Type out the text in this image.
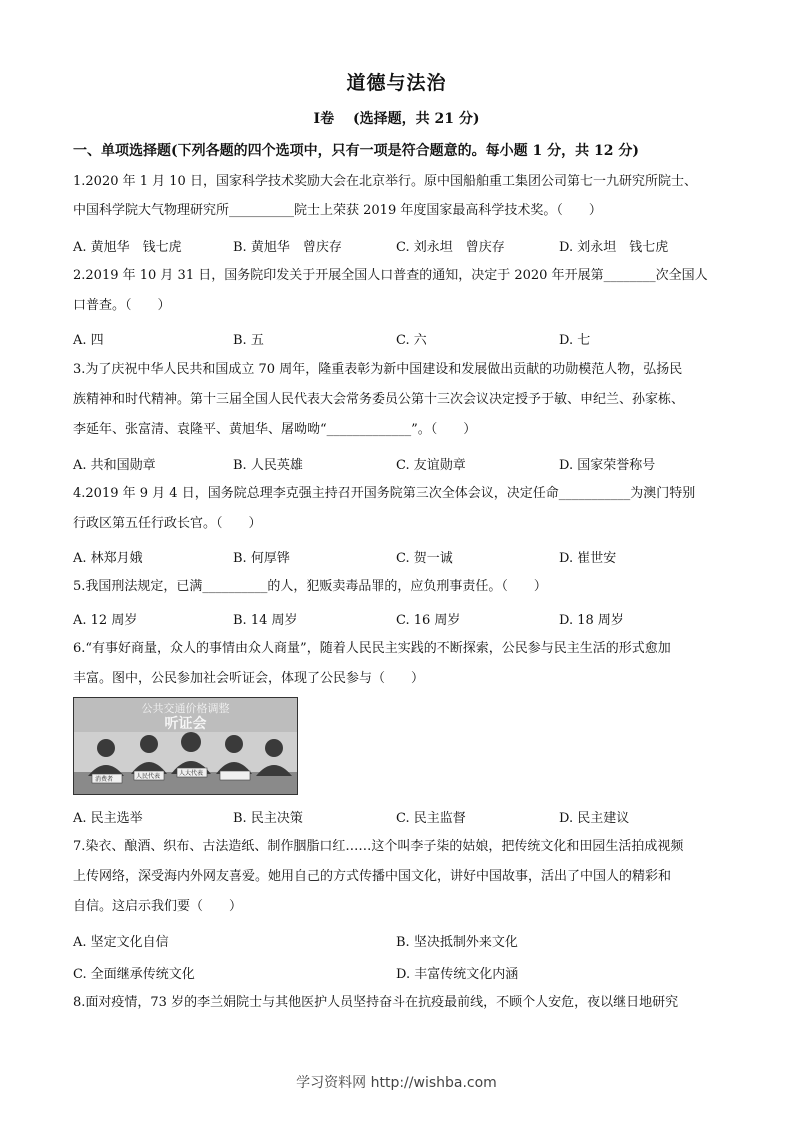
道德与法治
Ⅰ卷　 (选择题，共 21 分)
一、单项选择题(下列各题的四个选项中，只有一项是符合题意的。每小题 1 分，共 12 分)
1.2020 年 1 月 10 日，国家科学技术奖励大会在北京举行。原中国船舶重工集团公司第七一九研究所院士、
中国科学院大气物理研究所__________院士上荣获 2019 年度国家最高科学技术奖。（　　）
A. 黄旭华　钱七虎	B. 黄旭华　曾庆存	C. 刘永坦　曾庆存	D. 刘永坦　钱七虎
2.2019 年 10 月 31 日，国务院印发关于开展全国人口普查的通知，决定于 2020 年开展第________次全国人
口普查。（　　）
A. 四	B. 五	C. 六	D. 七
3.为了庆祝中华人民共和国成立 70 周年，隆重表彰为新中国建设和发展做出贡献的功勋模范人物，弘扬民
族精神和时代精神。第十三届全国人民代表大会常务委员公第十三次会议决定授予于敏、申纪兰、孙家栋、
李延年、张富清、袁隆平、黄旭华、屠呦呦“_____________”。（　　）
A. 共和国勋章	B. 人民英雄	C. 友谊勋章	D. 国家荣誉称号
4.2019 年 9 月 4 日，国务院总理李克强主持召开国务院第三次全体会议，决定任命___________为澳门特别
行政区第五任行政长官。（　　）
A. 林郑月娥	B. 何厚铧	C. 贺一诚	D. 崔世安
5.我国刑法规定，已满__________的人，犯贩卖毒品罪的，应负刑事责任。（　　）
A. 12 周岁	B. 14 周岁	C. 16 周岁	D. 18 周岁
6.“有事好商量，众人的事情由众人商量”，随着人民民主实践的不断探索，公民参与民主生活的形式愈加
丰富。图中，公民参加社会听证会，体现了公民参与（　　）
公共交通价格调整
听证会
消费者	人民代表	人大代表
A. 民主选举	B. 民主决策	C. 民主监督	D. 民主建议
7.染衣、酿酒、织布、古法造纸、制作胭脂口红……这个叫李子柒的姑娘，把传统文化和田园生活拍成视频
上传网络，深受海内外网友喜爱。她用自己的方式传播中国文化，讲好中国故事，活出了中国人的精彩和
自信。这启示我们要（　　）
A. 坚定文化自信	B. 坚决抵制外来文化
C. 全面继承传统文化	D. 丰富传统文化内涵
8.面对疫情，73 岁的李兰娟院士与其他医护人员坚持奋斗在抗疫最前线，不顾个人安危，夜以继日地研究
学习资料网 http://wishba.com
